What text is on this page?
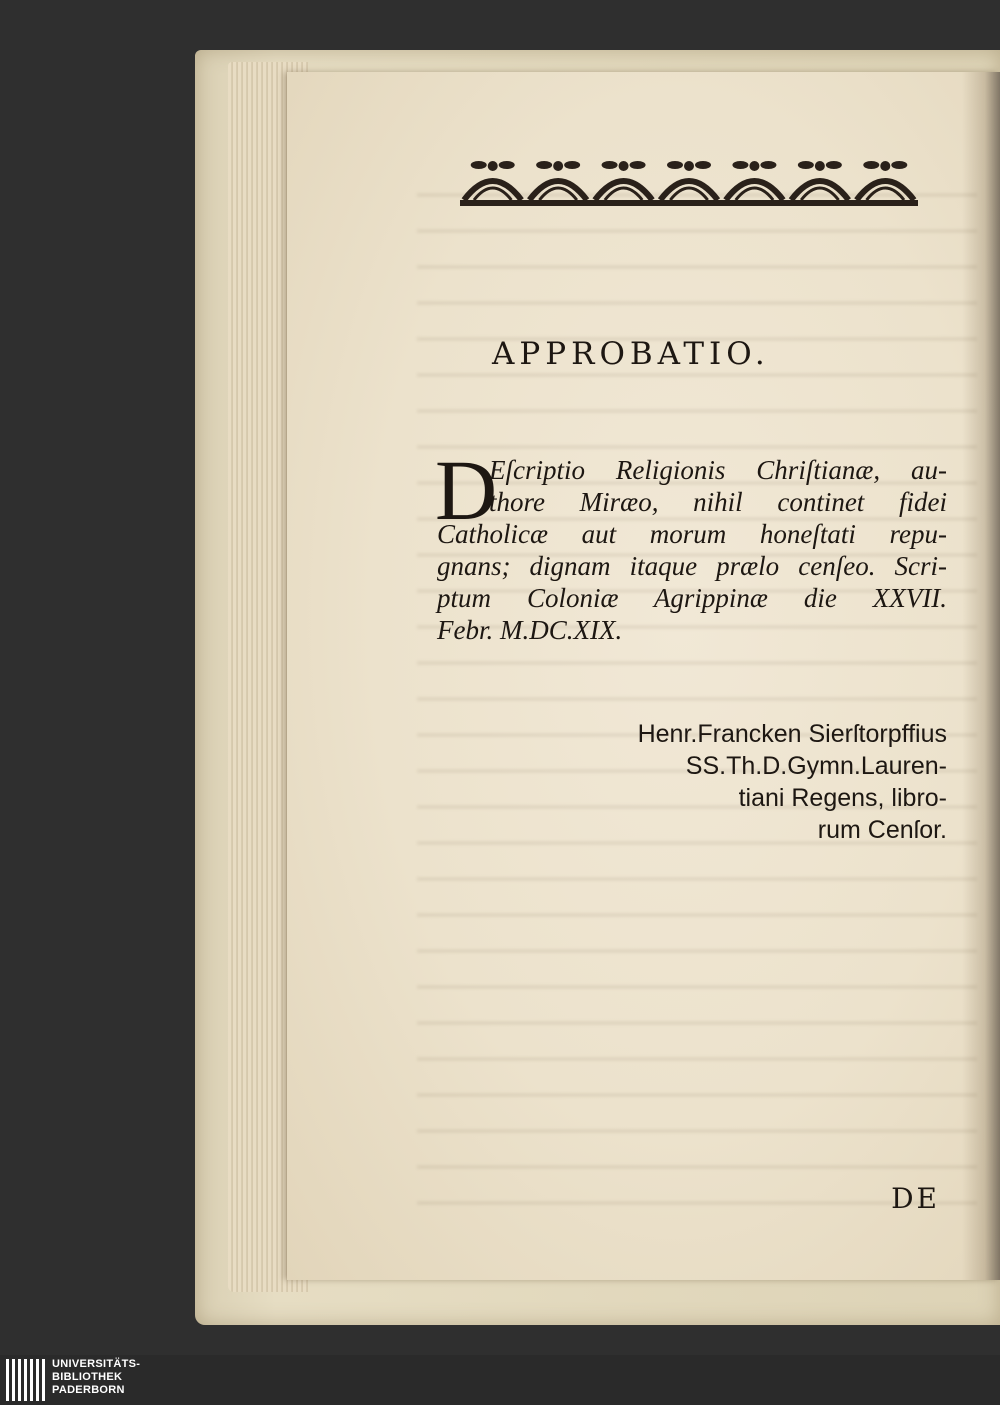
APPROBATIO.
D
Eſcriptio Religionis Chriſtianæ, au-
thore Miræo, nihil continet fidei
Catholicæ aut morum honeſtati repu-
gnans; dignam itaque prælo cenſeo. Scri-
ptum Coloniæ Agrippinæ die XXVII.
Febr. M.DC.XIX.
Henr.Francken Sierſtorpffius
SS.Th.D.Gymn.Lauren-
tiani Regens, libro-
rum Cenſor.
DE
UNIVERSITÄTS-
BIBLIOTHEK
PADERBORN
